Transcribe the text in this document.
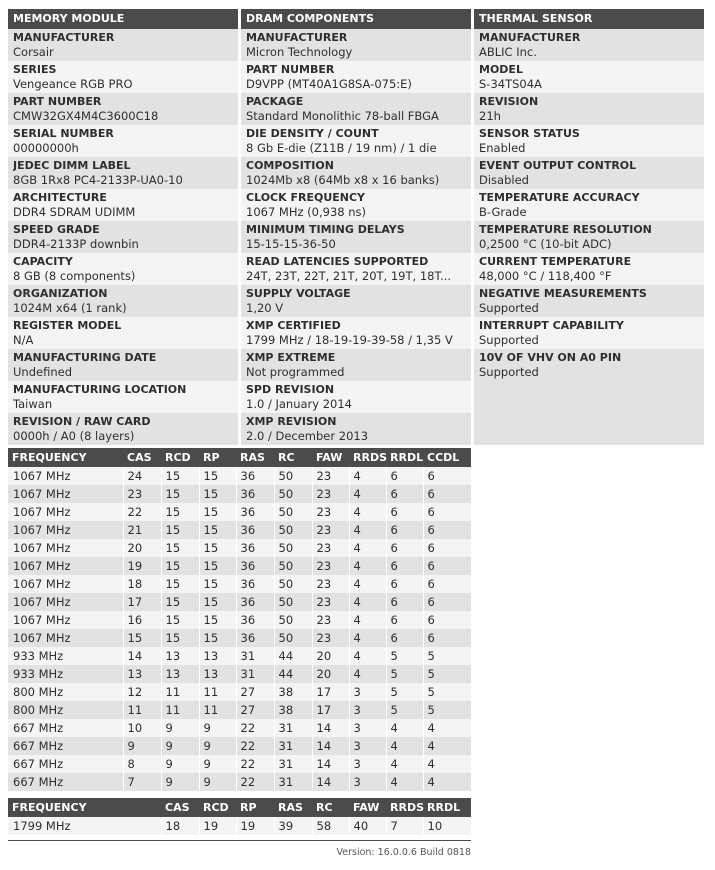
MEMORY MODULE
MANUFACTURER
Corsair
SERIES
Vengeance RGB PRO
PART NUMBER
CMW32GX4M4C3600C18
SERIAL NUMBER
00000000h
JEDEC DIMM LABEL
8GB 1Rx8 PC4-2133P-UA0-10
ARCHITECTURE
DDR4 SDRAM UDIMM
SPEED GRADE
DDR4-2133P downbin
CAPACITY
8 GB (8 components)
ORGANIZATION
1024M x64 (1 rank)
REGISTER MODEL
N/A
MANUFACTURING DATE
Undefined
MANUFACTURING LOCATION
Taiwan
REVISION / RAW CARD
0000h / A0 (8 layers)
DRAM COMPONENTS
MANUFACTURER
Micron Technology
PART NUMBER
D9VPP (MT40A1G8SA-075:E)
PACKAGE
Standard Monolithic 78-ball FBGA
DIE DENSITY / COUNT
8 Gb E-die (Z11B / 19 nm) / 1 die
COMPOSITION
1024Mb x8 (64Mb x8 x 16 banks)
CLOCK FREQUENCY
1067 MHz (0,938 ns)
MINIMUM TIMING DELAYS
15-15-15-36-50
READ LATENCIES SUPPORTED
24T, 23T, 22T, 21T, 20T, 19T, 18T...
SUPPLY VOLTAGE
1,20 V
XMP CERTIFIED
1799 MHz / 18-19-19-39-58 / 1,35 V
XMP EXTREME
Not programmed
SPD REVISION
1.0 / January 2014
XMP REVISION
2.0 / December 2013
THERMAL SENSOR
MANUFACTURER
ABLIC Inc.
MODEL
S-34TS04A
REVISION
21h
SENSOR STATUS
Enabled
EVENT OUTPUT CONTROL
Disabled
TEMPERATURE ACCURACY
B-Grade
TEMPERATURE RESOLUTION
0,2500 °C (10-bit ADC)
CURRENT TEMPERATURE
48,000 °C / 118,400 °F
NEGATIVE MEASUREMENTS
Supported
INTERRUPT CAPABILITY
Supported
10V OF VHV ON A0 PIN
Supported
FREQUENCY	CAS	RCD	RP	RAS	RC	FAW	RRDS	RRDL	CCDL
1067 MHz	24	15	15	36	50	23	4	6	6
1067 MHz	23	15	15	36	50	23	4	6	6
1067 MHz	22	15	15	36	50	23	4	6	6
1067 MHz	21	15	15	36	50	23	4	6	6
1067 MHz	20	15	15	36	50	23	4	6	6
1067 MHz	19	15	15	36	50	23	4	6	6
1067 MHz	18	15	15	36	50	23	4	6	6
1067 MHz	17	15	15	36	50	23	4	6	6
1067 MHz	16	15	15	36	50	23	4	6	6
1067 MHz	15	15	15	36	50	23	4	6	6
933 MHz	14	13	13	31	44	20	4	5	5
933 MHz	13	13	13	31	44	20	4	5	5
800 MHz	12	11	11	27	38	17	3	5	5
800 MHz	11	11	11	27	38	17	3	5	5
667 MHz	10	9	9	22	31	14	3	4	4
667 MHz	9	9	9	22	31	14	3	4	4
667 MHz	8	9	9	22	31	14	3	4	4
667 MHz	7	9	9	22	31	14	3	4	4
FREQUENCY	CAS	RCD	RP	RAS	RC	FAW	RRDS	RRDL
1799 MHz	18	19	19	39	58	40	7	10
Version: 16.0.0.6 Build 0818
